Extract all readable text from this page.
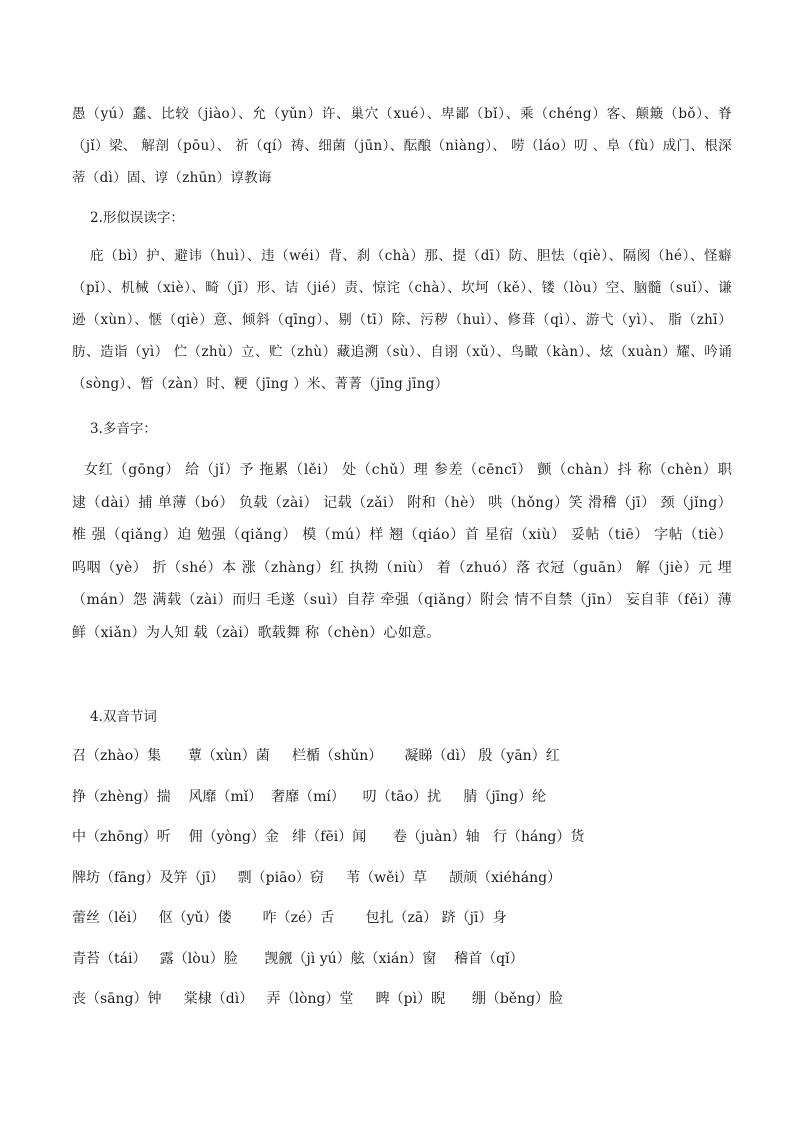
愚（yú）蠢、比较（jiào）、允（yǔn）许、巢穴（xué）、卑鄙（bǐ）、乘（chéng）客、颠簸（bǒ）、脊（jǐ）梁、 解剖（pōu）、 祈（qí）祷、细菌（jūn）、酝酿（niàng）、 唠（láo）叨 、阜（fù）成门、根深蒂（dì）固、谆（zhūn）谆教诲
2.形似误读字：
庇（bì）护、避讳（huì）、违（wéi）背、刹（chà）那、提（dī）防、胆怯（qiè）、隔阂（hé）、怪癖（pǐ）、机械（xiè）、畸（jī）形、诘（jié）责、惊诧（chà）、坎坷（kě）、镂（lòu）空、脑髓（suǐ）、谦逊（xùn）、惬（qiè）意、倾斜（qīng）、剔（tī）除、污秽（huì）、修葺（qì）、游弋（yì）、 脂（zhī）肪、造诣（yì） 伫（zhù）立、贮（zhù）藏追溯（sù）、自诩（xǔ）、鸟瞰（kàn）、炫（xuàn）耀、吟诵（sòng）、暂（zàn）时、粳（jīng ）米、菁菁（jīng jīng）
3.多音字：
女红（gōng） 给（jǐ）予 拖累（lěi） 处（chǔ）理 参差（cēncī） 颤（chàn）抖 称（chèn）职 逮（dài）捕 单薄（bó） 负载（zài） 记载（zǎi） 附和（hè） 哄（hǒng）笑 滑稽（jī） 颈（jǐng）椎 强（qiǎng）迫 勉强（qiǎng） 模（mú）样 翘（qiáo）首 星宿（xiù） 妥帖（tiē） 字帖（tiè） 呜咽（yè） 折（shé）本 涨（zhàng）红 执拗（niù） 着（zhuó）落 衣冠（guān） 解（jiè）元 埋（mán）怨 满载（zài）而归 毛遂（suì）自荐 牵强（qiǎng）附会 情不自禁（jīn） 妄自菲（fěi）薄 鲜（xiǎn）为人知 载（zài）歌载舞 称（chèn）心如意。
4.双音节词
召（zhào）集      蕈（xùn）菌     栏楯（shǔn）     凝睇（dì） 殷（yān）红
挣（zhèng）揣    风靡（mǐ）  奢靡（mí）    叨（tāo）扰     腈（jīng）纶
中（zhōng）听    佣（yòng）金   绯（fēi）闻      卷（juàn）轴   行（háng）货
牌坊（fāng）及笄（jī）   剽（piāo）窃     苇（wěi）草     颉颃（xiéháng）
蕾丝（lěi）   伛（yǔ）偻       咋（zé）舌       包扎（zā） 跻（jī）身
青苔（tái）   露（lòu）脸      觊觎（jì yú）舷（xián）窗    稽首（qǐ）
丧（sāng）钟     棠棣（dì）   弄（lòng）堂     睥（pì）睨      绷（běng）脸
